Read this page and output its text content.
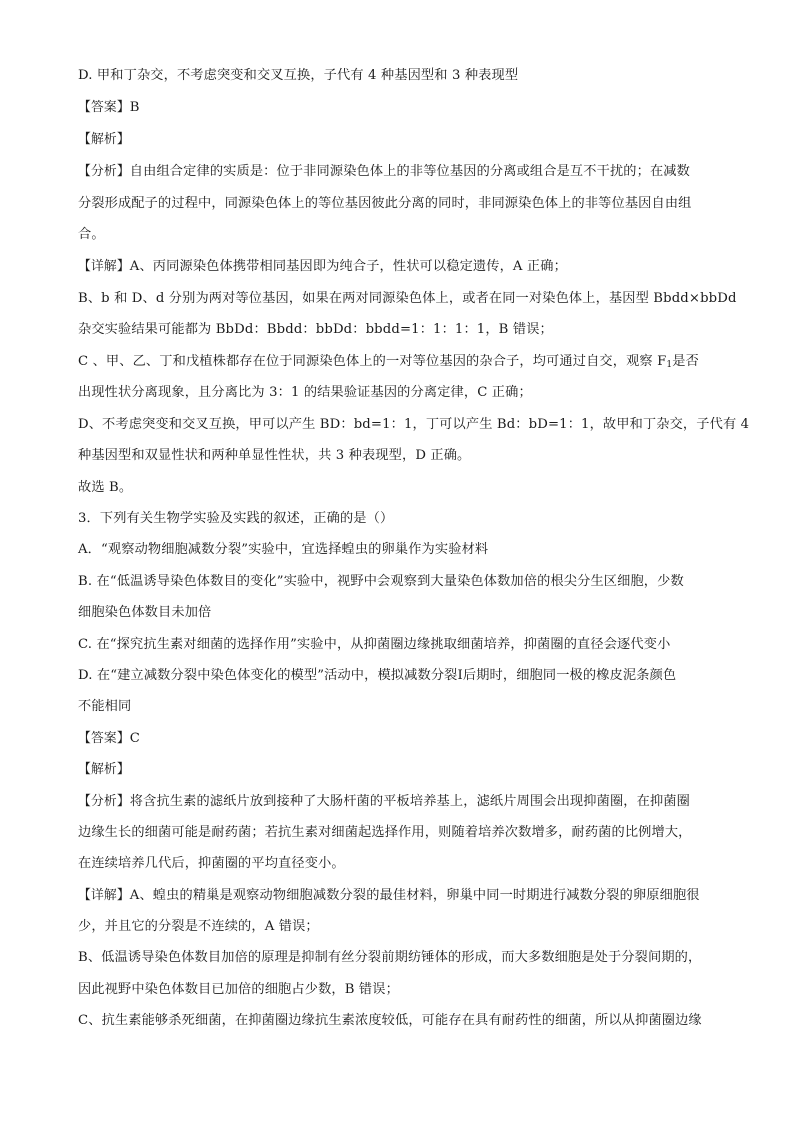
D. 甲和丁杂交，不考虑突变和交叉互换，子代有 4 种基因型和 3 种表现型
【答案】B
【解析】
【分析】自由组合定律的实质是：位于非同源染色体上的非等位基因的分离或组合是互不干扰的；在减数
分裂形成配子的过程中，同源染色体上的等位基因彼此分离的同时，非同源染色体上的非等位基因自由组
合。
【详解】A、丙同源染色体携带相同基因即为纯合子，性状可以稳定遗传，A 正确；
B、b 和 D、d 分别为两对等位基因，如果在两对同源染色体上，或者在同一对染色体上，基因型 Bbdd×bbDd
杂交实验结果可能都为 BbDd：Bbdd：bbDd：bbdd=1：1：1：1，B 错误；
C 、甲、乙、丁和戊植株都存在位于同源染色体上的一对等位基因的杂合子，均可通过自交，观察 $F_1$是否
出现性状分离现象，且分离比为 3：1 的结果验证基因的分离定律，C 正确；
D、不考虑突变和交叉互换，甲可以产生 BD：bd=1：1，丁可以产生 Bd：bD=1：1，故甲和丁杂交，子代有 4
种基因型和双显性状和两种单显性性状，共 3 种表现型，D 正确。
故选 B。
3．下列有关生物学实验及实践的叙述，正确的是（）
A．“观察动物细胞减数分裂”实验中，宜选择蝗虫的卵巢作为实验材料
B. 在“低温诱导染色体数目的变化”实验中，视野中会观察到大量染色体数加倍的根尖分生区细胞，少数
细胞染色体数目未加倍
C. 在“探究抗生素对细菌的选择作用”实验中，从抑菌圈边缘挑取细菌培养，抑菌圈的直径会逐代变小
D. 在“建立减数分裂中染色体变化的模型”活动中，模拟减数分裂Ⅰ后期时，细胞同一极的橡皮泥条颜色
不能相同
【答案】C
【解析】
【分析】将含抗生素的滤纸片放到接种了大肠杆菌的平板培养基上，滤纸片周围会出现抑菌圈，在抑菌圈
边缘生长的细菌可能是耐药菌；若抗生素对细菌起选择作用，则随着培养次数增多，耐药菌的比例增大，
在连续培养几代后，抑菌圈的平均直径变小。
【详解】A、蝗虫的精巢是观察动物细胞减数分裂的最佳材料，卵巢中同一时期进行减数分裂的卵原细胞很
少，并且它的分裂是不连续的，A 错误；
B、低温诱导染色体数目加倍的原理是抑制有丝分裂前期纺锤体的形成，而大多数细胞是处于分裂间期的，
因此视野中染色体数目已加倍的细胞占少数，B 错误；
C、抗生素能够杀死细菌，在抑菌圈边缘抗生素浓度较低，可能存在具有耐药性的细菌，所以从抑菌圈边缘
